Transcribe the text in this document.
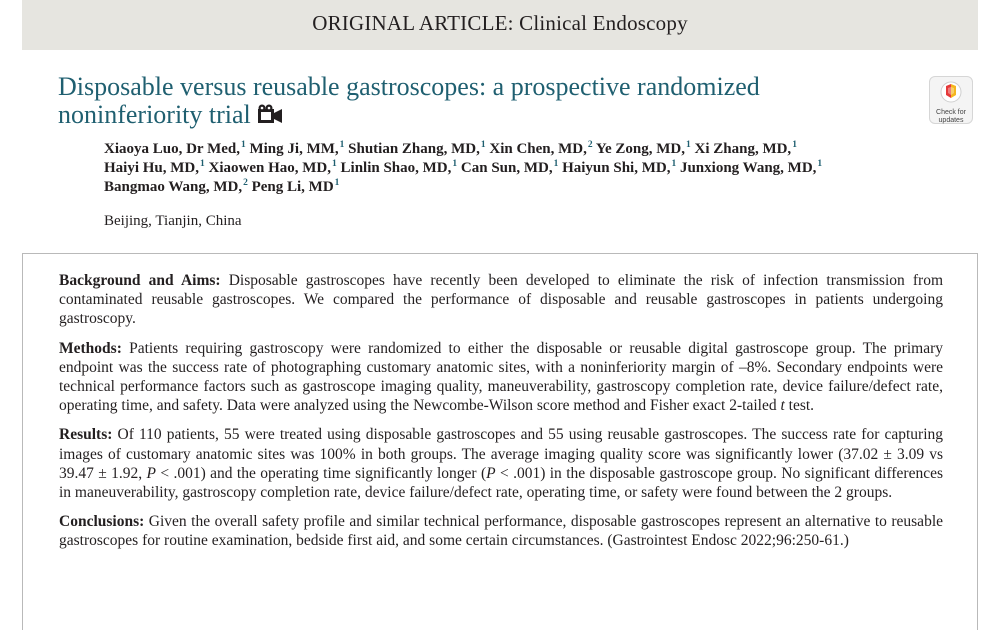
ORIGINAL ARTICLE: Clinical Endoscopy
Disposable versus reusable gastroscopes: a prospective randomized noninferiority trial	Check for
updates
Xiaoya Luo, Dr Med,$^1$ Ming Ji, MM,$^1$ Shutian Zhang, MD,$^1$ Xin Chen, MD,$^2$ Ye Zong, MD,$^1$ Xi Zhang, MD,$^1$
Haiyi Hu, MD,$^1$ Xiaowen Hao, MD,$^1$ Linlin Shao, MD,$^1$ Can Sun, MD,$^1$ Haiyun Shi, MD,$^1$ Junxiong Wang, MD,$^1$
Bangmao Wang, MD,$^2$ Peng Li, $MD^1$
Beijing, Tianjin, China

Background and Aims: Disposable gastroscopes have recently been developed to eliminate the risk of infection transmission from contaminated reusable gastroscopes. We compared the performance of disposable and reusable gastroscopes in patients undergoing gastroscopy.

Methods: Patients requiring gastroscopy were randomized to either the disposable or reusable digital gastroscope group. The primary endpoint was the success rate of photographing customary anatomic sites, with a noninferiority margin of –8%. Secondary endpoints were technical performance factors such as gastroscope imaging quality, maneuverability, gastroscopy completion rate, device failure/defect rate, operating time, and safety. Data were analyzed using the Newcombe-Wilson score method and Fisher exact 2-tailed t test.

Results: Of 110 patients, 55 were treated using disposable gastroscopes and 55 using reusable gastroscopes. The success rate for capturing images of customary anatomic sites was 100% in both groups. The average imaging quality score was significantly lower (37.02 ± 3.09 vs 39.47 ± 1.92, P < .001) and the operating time significantly longer (P < .001) in the disposable gastroscope group. No significant differences in maneuverability, gastroscopy completion rate, device failure/defect rate, operating time, or safety were found between the 2 groups.

Conclusions: Given the overall safety profile and similar technical performance, disposable gastroscopes represent an alternative to reusable gastroscopes for routine examination, bedside first aid, and some certain circumstances. (Gastrointest Endosc 2022;96:250-61.)
